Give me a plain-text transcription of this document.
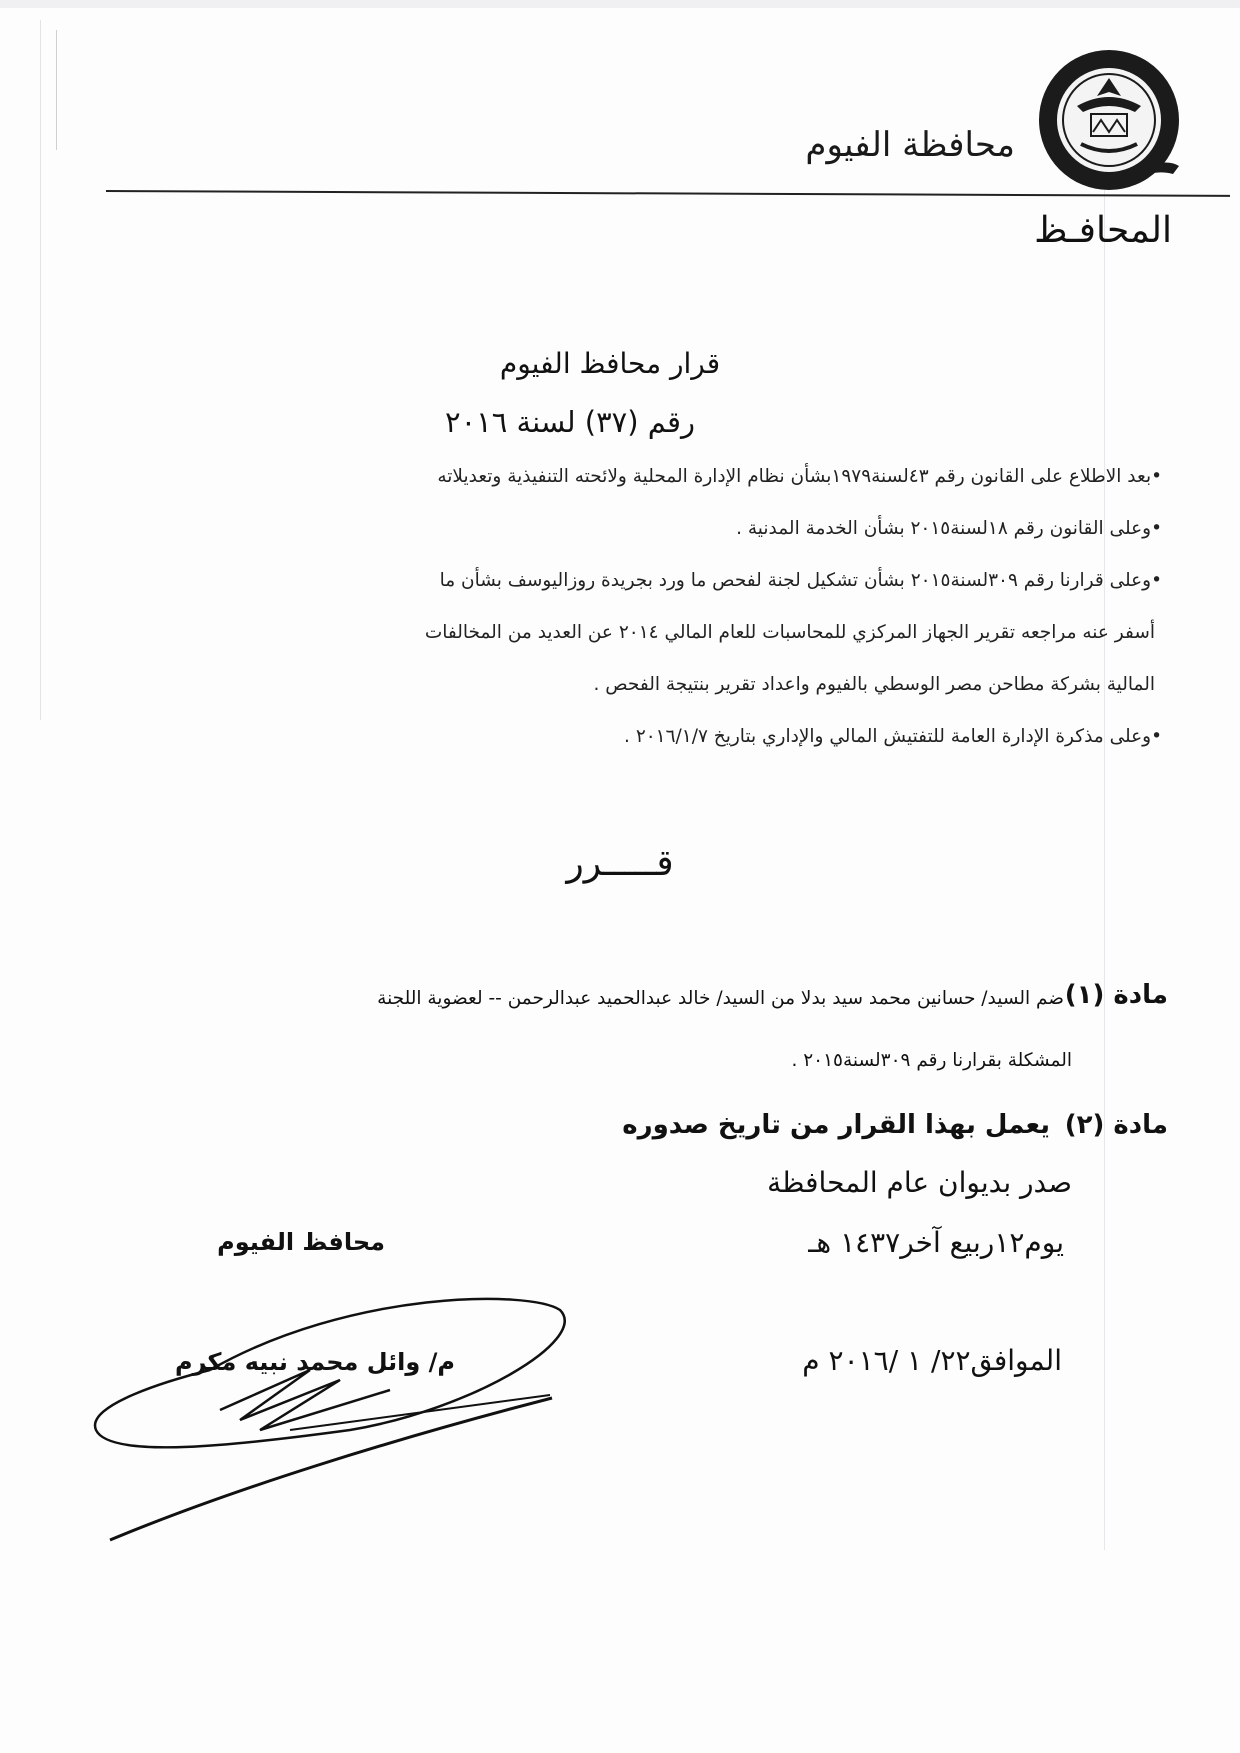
محافظة الفيوم
المحافـظ
قرار محافظ الفيوم
رقم (٣٧) لسنة ٢٠١٦
•بعد الاطلاع على القانون رقم ٤٣لسنة١٩٧٩بشأن نظام الإدارة المحلية ولائحته التنفيذية وتعديلاته
•وعلى القانون رقم ١٨لسنة٢٠١٥ بشأن الخدمة المدنية .
•وعلى قرارنا رقم ٣٠٩لسنة٢٠١٥ بشأن تشكيل لجنة لفحص ما ورد بجريدة روزاليوسف بشأن ما
أسفر عنه مراجعه تقرير الجهاز المركزي للمحاسبات للعام المالي ٢٠١٤ عن العديد من المخالفات
المالية بشركة مطاحن مصر الوسطي بالفيوم واعداد تقرير بنتيجة الفحص .
•وعلى مذكرة الإدارة العامة للتفتيش المالي والإداري بتاريخ ٢٠١٦/١/٧ .
قـــــرر
مادة (١)
ضم السيد/ حسانين محمد سيد بدلا من السيد/ خالد عبدالحميد عبدالرحمن -- لعضوية اللجنة
المشكلة بقرارنا رقم ٣٠٩لسنة٢٠١٥ .
مادة (٢)
يعمل بهذا القرار من تاريخ صدوره
صدر بديوان عام المحافظة
يوم١٢ربيع آخر١٤٣٧ هـ
الموافق٢٢/ ١ /٢٠١٦ م
محافظ الفيوم
م/ وائل محمد نبيه مكرم
